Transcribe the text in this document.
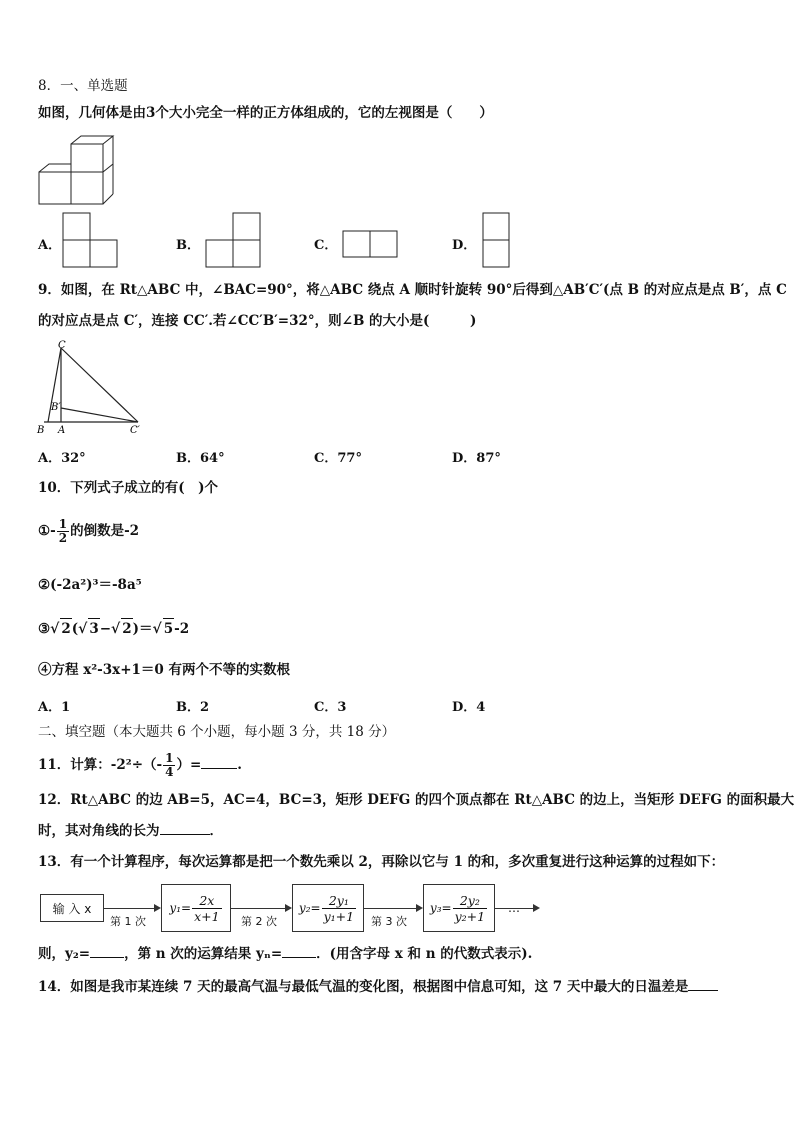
8．一、单选题
如图，几何体是由3个大小完全一样的正方体组成的，它的左视图是（　　）
A．	B．	C．	D．
9．如图，在 Rt△ABC 中，∠BAC=90°，将△ABC 绕点 A 顺时针旋转 90°后得到△AB′C′(点 B 的对应点是点 B′，点 C
的对应点是点 C′，连接 CC′.若∠CC′B′=32°，则∠B 的大小是(　　　)
C
B′
B A	C′
A．32°	B．64°	C．77°	D．87°
10．下列式子成立的有(　)个
①- $\frac{1}{2}$ 的倒数是-2
②(-2a²)³＝-8a⁵
③√ 2(√ 3−√ 2)＝√ 5-2
④方程 x²-3x+1＝0 有两个不等的实数根
A．1	B．2	C．3	D．4
二、填空题（本大题共 6 个小题，每小题 3 分，共 18 分）
11．计算：$-2^2\div(- \frac{1}{4}$ ）=	.
12．Rt△ABC 的边 AB=5，AC=4，BC=3，矩形 DEFG 的四个顶点都在 Rt△ABC 的边上，当矩形 DEFG 的面积最大
时，其对角线的长为	．
13．有一个计算程序，每次运算都是把一个数先乘以 2，再除以它与 1 的和，多次重复进行这种运算的过程如下：
输 入 x
第 1 次
$y_1= \frac{2x}{x+1}$ 第 2 次
$y_2= \frac{\text{2y₁}}{\text{y₁+1}}$ 第 3 次
$y_3= \frac{\text{2y₂}}{\text{y₂+1}}$	…
则，y₂=	，第 n 次的运算结果 yₙ=	．(用含字母 x 和 n 的代数式表示).
14．如图是我市某连续 7 天的最高气温与最低气温的变化图，根据图中信息可知，这 7 天中最大的日温差是
